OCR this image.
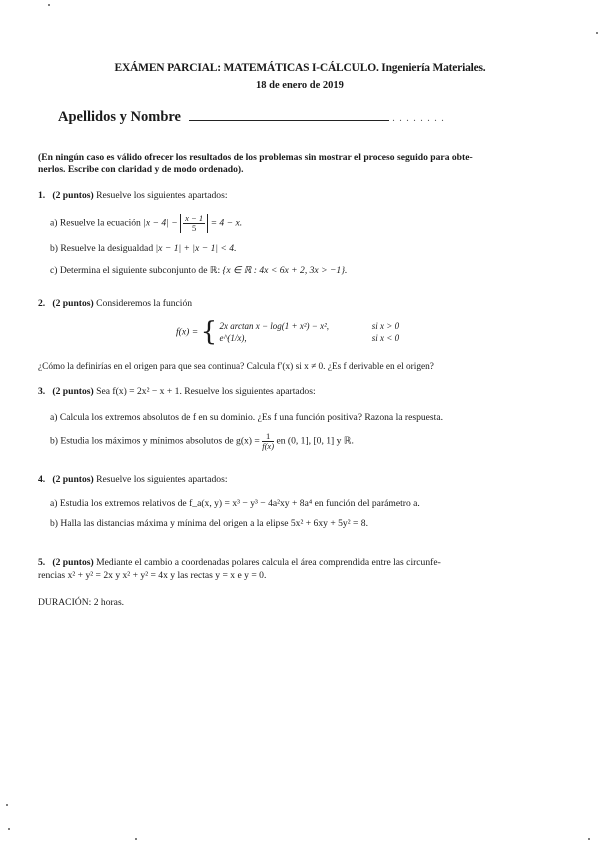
EXÁMEN PARCIAL: MATEMÁTICAS I-CÁLCULO. Ingeniería Materiales.
18 de enero de 2019
Apellidos y Nombre	. . . . . . . .
(En ningún caso es válido ofrecer los resultados de los problemas sin mostrar el proceso seguido para obte-
nerlos. Escribe con claridad y de modo ordenado).
1. (2 puntos) Resuelve los siguientes apartados:
a) Resuelve la ecuación $|x - 4| - \frac{x - 1}{5} = 4 - x$.
b) Resuelve la desigualdad |x − 1| + |x − 1| < 4.
c) Determina el siguiente subconjunto de ℝ: {x ∈ ℝ : 4x < 6x + 2, 3x > −1}.
2. (2 puntos) Consideremos la función
f(x) = { 2x arctan x − log(1 + x²) − x²,	si x > 0
e^(1/x),	si x < 0
¿Cómo la definirías en el origen para que sea continua? Calcula f′(x) si x ≠ 0. ¿Es f derivable en el origen?
3. (2 puntos) Sea f(x) = 2x² − x + 1. Resuelve los siguientes apartados:
a) Calcula los extremos absolutos de f en su dominio. ¿Es f una función positiva? Razona la respuesta.
b) Estudia los máximos y mínimos absolutos de $g(x) = \frac{1}{f(x)}$ en (0, 1], [0, 1] y ℝ.
4. (2 puntos) Resuelve los siguientes apartados:
a) Estudia los extremos relativos de f_a(x, y) = x³ − y³ − 4a²xy + 8a⁴ en función del parámetro a.
b) Halla las distancias máxima y mínima del origen a la elipse 5x² + 6xy + 5y² = 8.
5. (2 puntos) Mediante el cambio a coordenadas polares calcula el área comprendida entre las circunfe-
rencias x² + y² = 2x y x² + y² = 4x y las rectas y = x e y = 0.
DURACIÓN: 2 horas.
